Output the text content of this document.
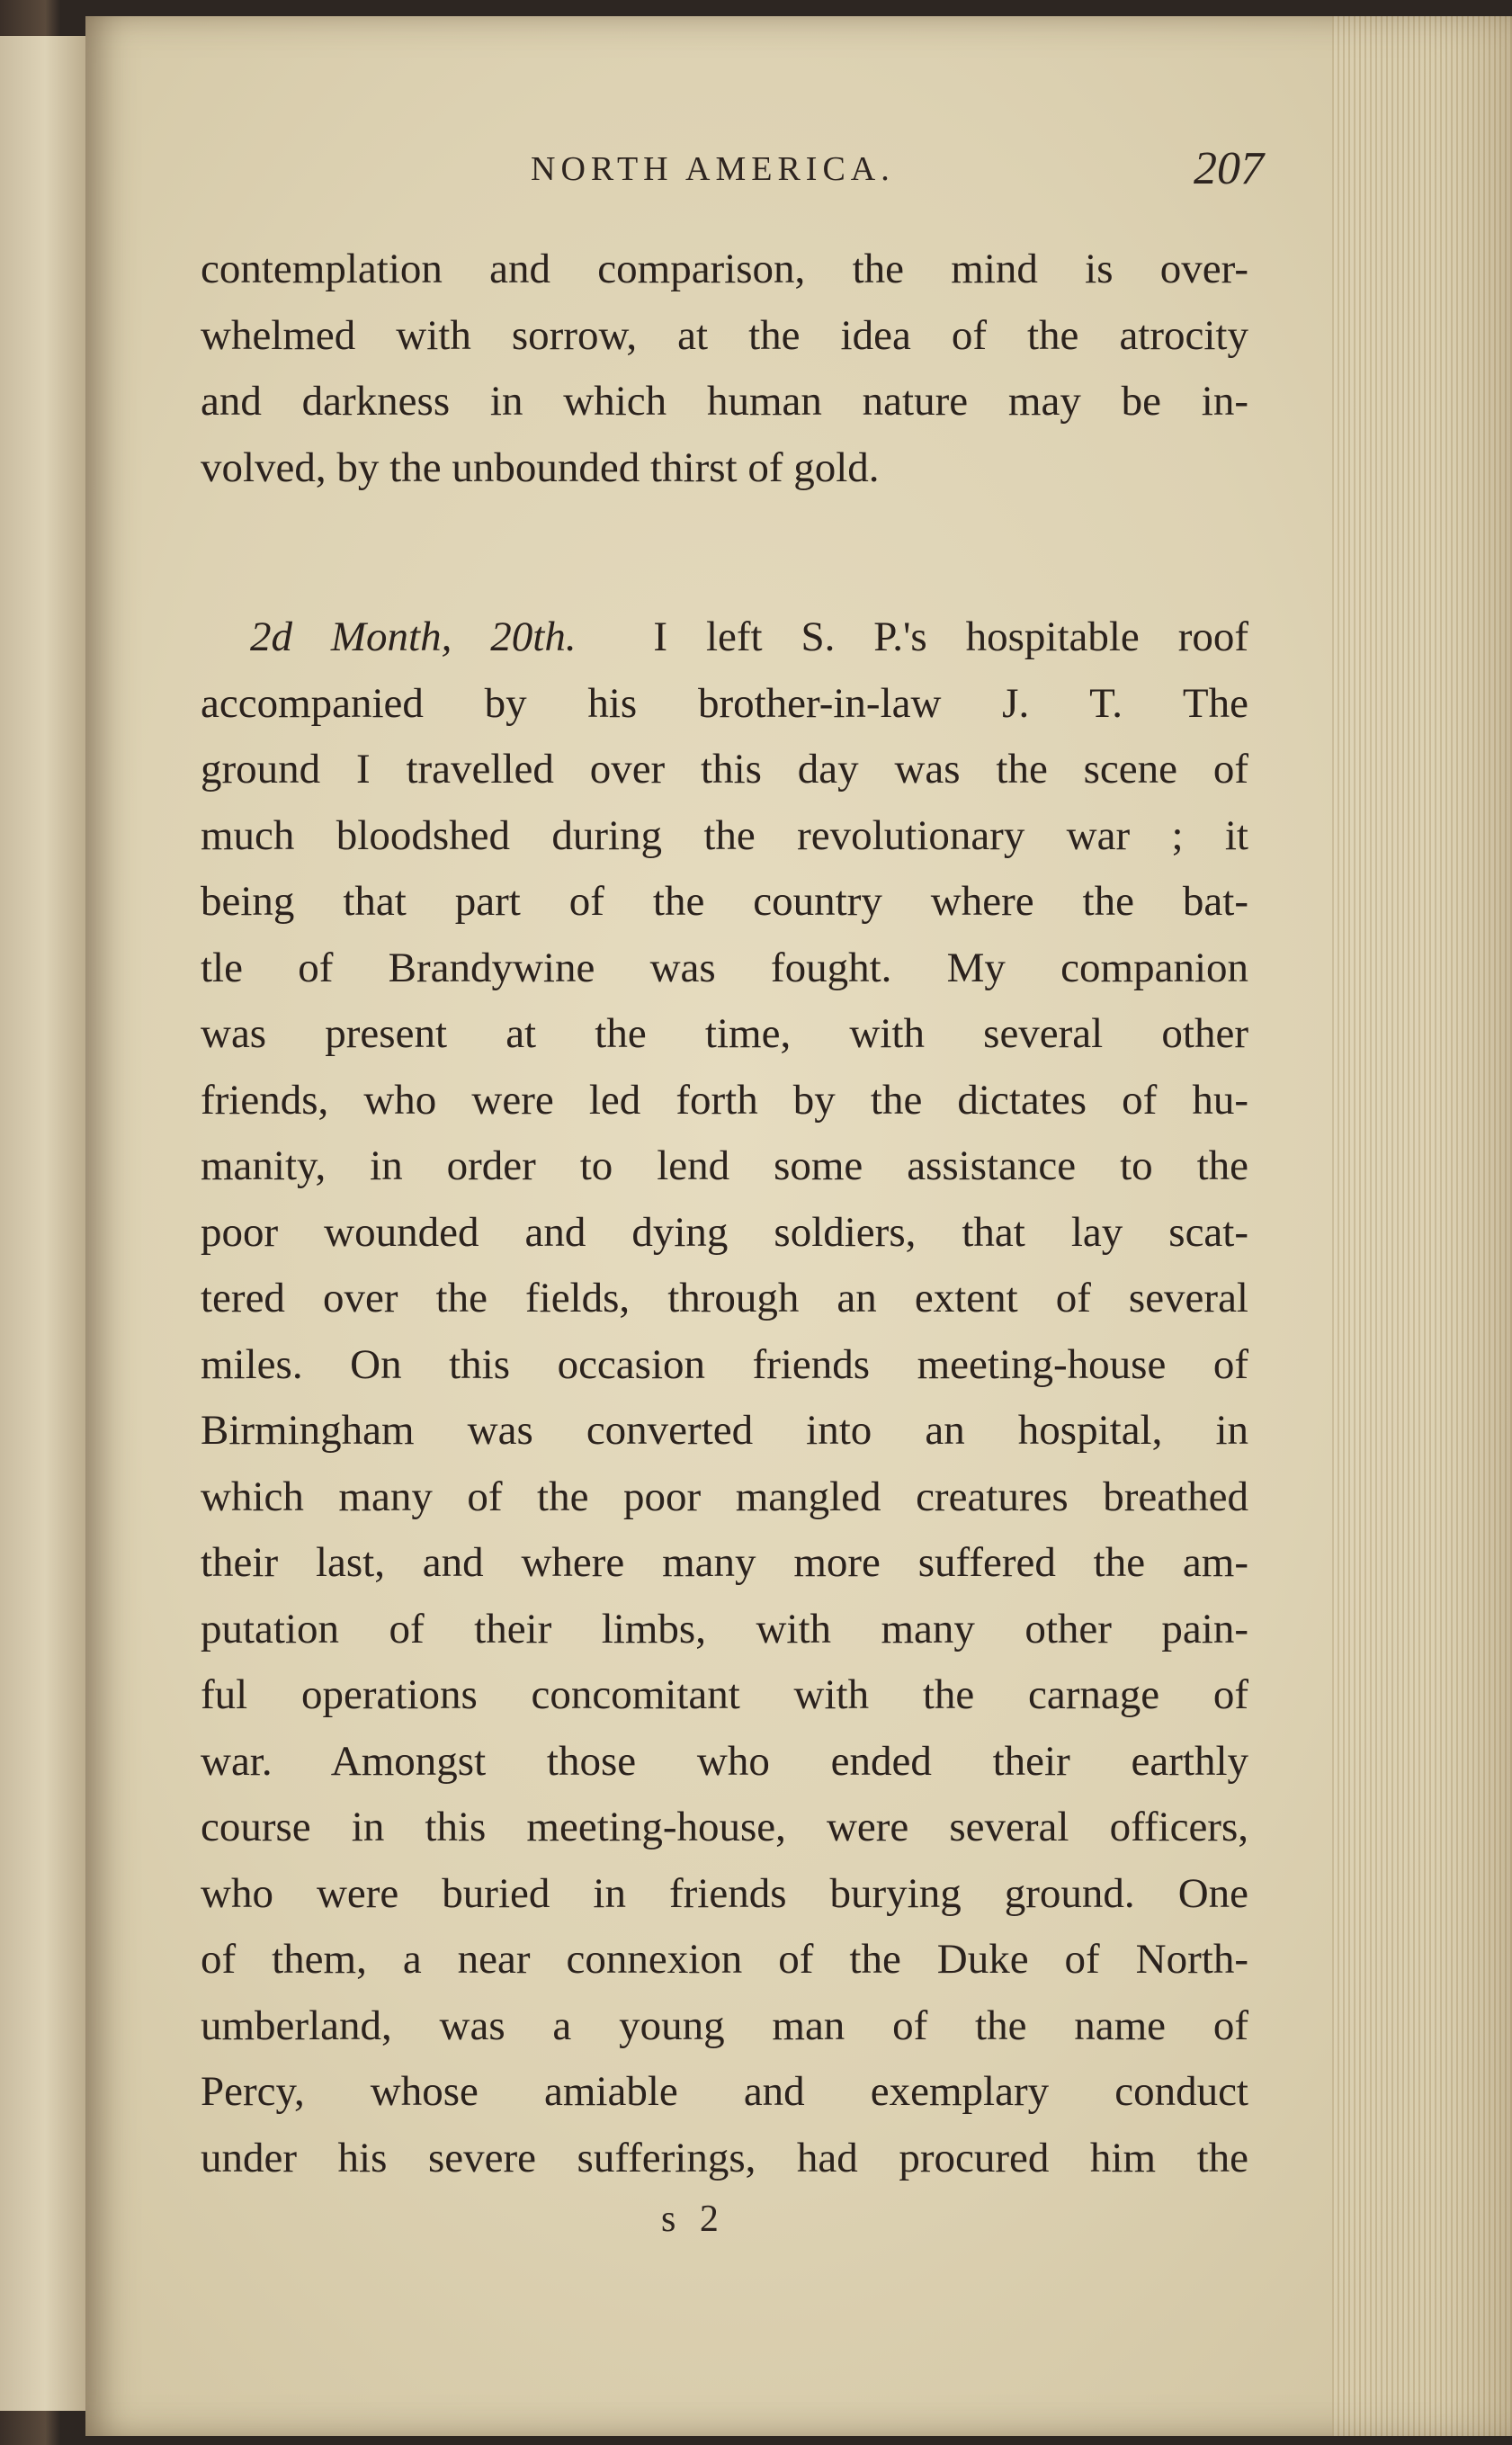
NORTH AMERICA.	207
contemplation and comparison, the mind is over-
whelmed with sorrow, at the idea of the atrocity
and darkness in which human nature may be in-
volved, by the unbounded thirst of gold.
2d Month, 20th. I left S. P.'s hospitable roof
accompanied by his brother-in-law J. T. The
ground I travelled over this day was the scene of
much bloodshed during the revolutionary war ; it
being that part of the country where the bat-
tle of Brandywine was fought. My companion
was present at the time, with several other
friends, who were led forth by the dictates of hu-
manity, in order to lend some assistance to the
poor wounded and dying soldiers, that lay scat-
tered over the fields, through an extent of several
miles. On this occasion friends meeting-house of
Birmingham was converted into an hospital, in
which many of the poor mangled creatures breathed
their last, and where many more suffered the am-
putation of their limbs, with many other pain-
ful operations concomitant with the carnage of
war. Amongst those who ended their earthly
course in this meeting-house, were several officers,
who were buried in friends burying ground. One
of them, a near connexion of the Duke of North-
umberland, was a young man of the name of
Percy, whose amiable and exemplary conduct
under his severe sufferings, had procured him the
s 2
